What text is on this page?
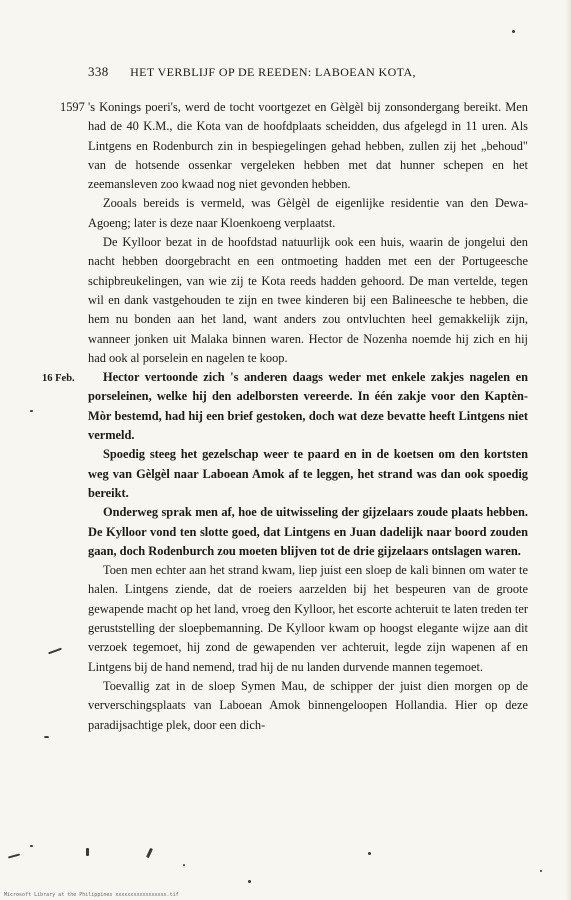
338 HET VERBLIJF OP DE REEDEN: LABOEAN KOTA,

1597 's Konings poeri's, werd de tocht voortgezet en Gèlgèl bij zonsondergang bereikt. Men had de 40 K.M., die Kota van de hoofdplaats scheidden, dus afgelegd in 11 uren. Als Lintgens en Rodenburch zin in bespiegelingen gehad hebben, zullen zij het „behoud" van de hotsende ossenkar vergeleken hebben met dat hunner schepen en het zeemansleven zoo kwaad nog niet gevonden hebben.

Zooals bereids is vermeld, was Gèlgèl de eigenlijke residentie van den Dewa-Agoeng; later is deze naar Kloenkoeng verplaatst.

De Kylloor bezat in de hoofdstad natuurlijk ook een huis, waarin de jongelui den nacht hebben doorgebracht en een ontmoeting hadden met een der Portugeesche schipbreukelingen, van wie zij te Kota reeds hadden gehoord. De man vertelde, tegen wil en dank vastgehouden te zijn en twee kinderen bij een Balineesche te hebben, die hem nu bonden aan het land, want anders zou ontvluchten heel gemakkelijk zijn, wanneer jonken uit Malaka binnen waren. Hector de Nozenha noemde hij zich en hij had ook al porselein en nagelen te koop.

16 Feb. Hector vertoonde zich 's anderen daags weder met enkele zakjes nagelen en porseleinen, welke hij den adelborsten vereerde. In één zakje voor den Kaptèn-Mòr bestemd, had hij een brief gestoken, doch wat deze bevatte heeft Lintgens niet vermeld.

Spoedig steeg het gezelschap weer te paard en in de koetsen om den kortsten weg van Gèlgèl naar Laboean Amok af te leggen, het strand was dan ook spoedig bereikt.

Onderweg sprak men af, hoe de uitwisseling der gijzelaars zoude plaats hebben. De Kylloor vond ten slotte goed, dat Lintgens en Juan dadelijk naar boord zouden gaan, doch Rodenburch zou moeten blijven tot de drie gijzelaars ontslagen waren.

Toen men echter aan het strand kwam, liep juist een sloep de kali binnen om water te halen. Lintgens ziende, dat de roeiers aarzelden bij het bespeuren van de groote gewapende macht op het land, vroeg den Kylloor, het escorte achteruit te laten treden ter geruststelling der sloepbemanning. De Kylloor kwam op hoogst elegante wijze aan dit verzoek tegemoet, hij zond de gewapenden ver achteruit, legde zijn wapenen af en Lintgens bij de hand nemend, trad hij de nu landen durvende mannen tegemoet.

Toevallig zat in de sloep Symen Mau, de schipper der juist dien morgen op de ververschingsplaats van Laboean Amok binnengeloopen Hollandia. Hier op deze paradijsachtige plek, door een dich-

Microsoft Library at the Philippines xxxxxxxxxxxxxxxxx.tif
